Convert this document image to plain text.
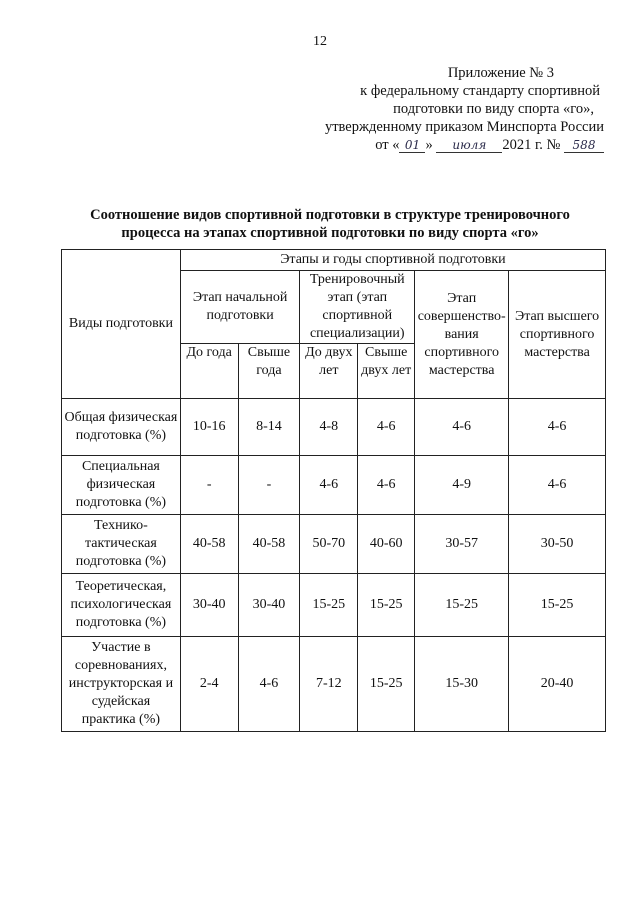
12
Приложение № 3
к федеральному стандарту спортивной
подготовки по виду спорта «го»,
утвержденному приказом Минспорта России
от « 01 »
	июля	2021 г. №
	588
Соотношение видов спортивной подготовки в структуре тренировочного
процесса на этапах спортивной подготовки по виду спорта «го»
Виды подготовки	Этапы и годы спортивной подготовки					
	Этап начальной подготовки		Тренировочный этап (этап спортивной специализации)		Этап совершенство-вания спортивного мастерства	Этап высшего спортивного мастерства
	До года	Свыше года	До двух лет	Свыше двух лет		
Общая физическая подготовка (%)	10-16	8-14	4-8	4-6	4-6	4-6
Специальная физическая подготовка (%)	-	-	4-6	4-6	4-9	4-6
Технико-тактическая подготовка (%)	40-58	40-58	50-70	40-60	30-57	30-50
Теоретическая, психологическая подготовка (%)	30-40	30-40	15-25	15-25	15-25	15-25
Участие в соревнованиях, инструкторская и судейская практика (%)	2-4	4-6	7-12	15-25	15-30	20-40
